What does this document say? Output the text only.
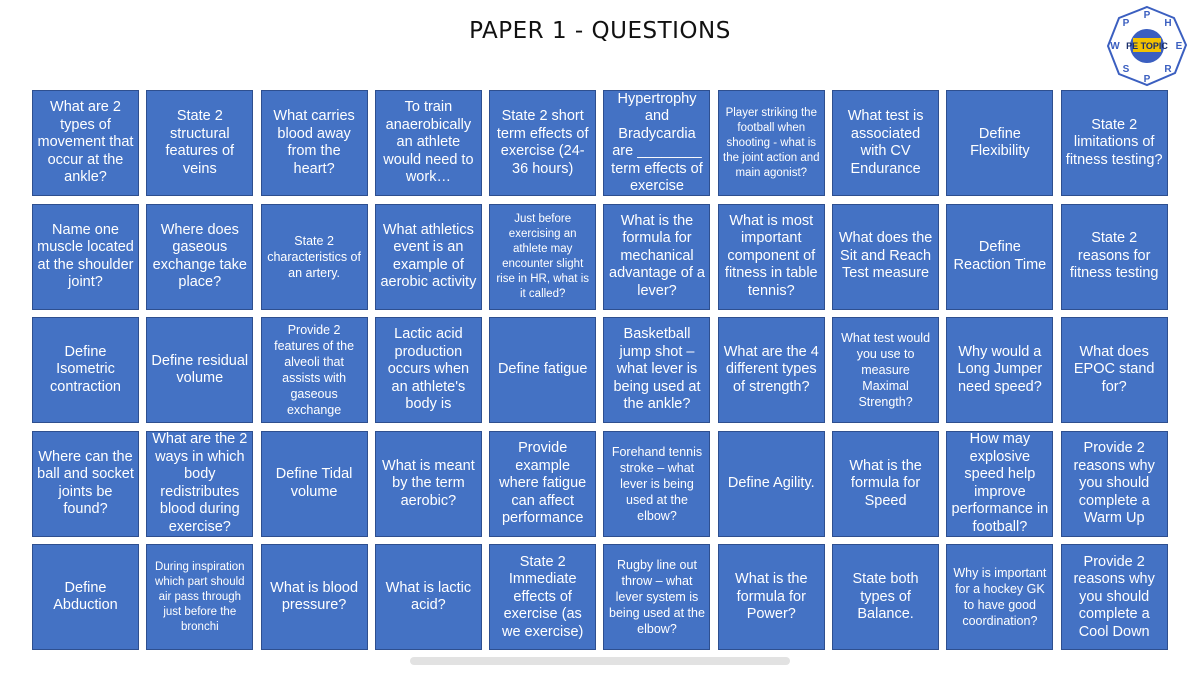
PAPER 1 - QUESTIONS
PE TOPIC
P
H
E
R
P
S
W
P
What are 2 types of movement that occur at the ankle?
State 2 structural features of veins
What carries blood away from the heart?
To train anaerobically an athlete would need to work…
State 2 short term effects of exercise (24-36 hours)
Hypertrophy and Bradycardia are ________ term effects of exercise
Player striking the football when shooting - what is the joint action and main agonist?
What test is associated with CV Endurance
Define Flexibility
State 2 limitations of fitness testing?
Name one muscle located at the shoulder joint?
Where does gaseous exchange take place?
State 2 characteristics of an artery.
What athletics event is an example of aerobic activity
Just before exercising an athlete may encounter slight rise in HR, what is it called?
What is the formula for mechanical advantage of a lever?
What is most important component of fitness in table tennis?
What does the Sit and Reach Test measure
Define Reaction Time
State 2 reasons for fitness testing
Define Isometric contraction
Define residual volume
Provide 2 features of the alveoli that assists with gaseous exchange
Lactic acid production occurs when an athlete's body is
Define fatigue
Basketball jump shot – what lever is being used at the ankle?
What are the 4 different types of strength?
What test would you use to measure Maximal Strength?
Why would a Long Jumper need speed?
What does EPOC stand for?
Where can the ball and socket joints be found?
What are the 2 ways in which body redistributes blood during exercise?
Define Tidal volume
What is meant by the term aerobic?
Provide example where fatigue can affect performance
Forehand tennis stroke – what lever is being used at the elbow?
Define Agility.
What is the formula for Speed
How may explosive speed help improve performance in football?
Provide 2 reasons why you should complete a Warm Up
Define Abduction
During inspiration which part should air pass through just before the bronchi
What is blood pressure?
What is lactic acid?
State 2 Immediate effects of exercise (as we exercise)
Rugby line out throw – what lever system is being used at the elbow?
What is the formula for Power?
State both types of Balance.
Why is important for a hockey GK to have good coordination?
Provide 2 reasons why you should complete a Cool Down
